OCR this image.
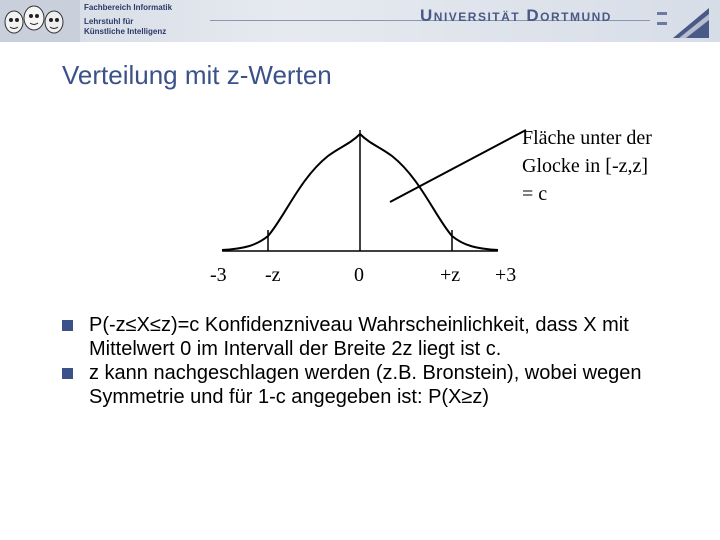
Fachbereich Informatik
Lehrstuhl für
Künstliche Intelligenz
Universität Dortmund
Verteilung mit z-Werten
Fläche unter der
Glocke in [-z,z]
= c
-3 -z	0	+z +3
P(-z≤X≤z)=c Konfidenzniveau Wahrscheinlichkeit, dass X mit Mittelwert 0 im Intervall der Breite 2z liegt ist c.
z kann nachgeschlagen werden (z.B. Bronstein), wobei wegen Symmetrie und für 1-c angegeben ist: P(X≥z)
